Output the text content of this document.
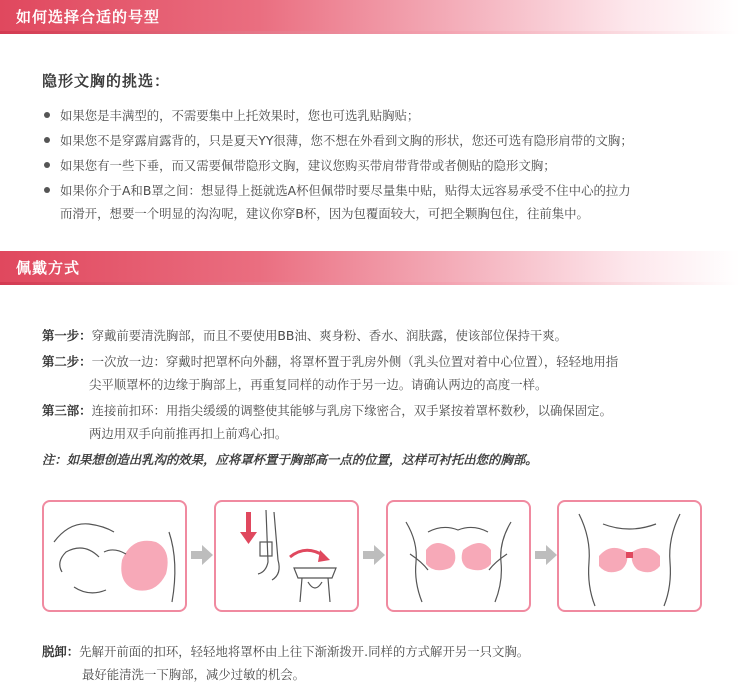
如何选择合适的号型
隐形文胸的挑选：
如果您是丰满型的，不需要集中上托效果时，您也可选乳贴胸贴；
如果您不是穿露肩露背的，只是夏天YY很薄，您不想在外看到文胸的形状，您还可选有隐形肩带的文胸；
如果您有一些下垂，而又需要佩带隐形文胸，建议您购买带肩带背带或者侧贴的隐形文胸；
如果你介于A和B罩之间：想显得上挺就选A杯但佩带时要尽量集中贴，贴得太远容易承受不住中心的拉力
而滑开，想要一个明显的沟沟呢，建议你穿B杯，因为包覆面较大，可把全颗胸包住，往前集中。
佩戴方式
第一步：穿戴前要清洗胸部，而且不要使用BB油、爽身粉、香水、润肤露，使该部位保持干爽。
第二步：一次放一边：穿戴时把罩杯向外翻，将罩杯置于乳房外侧（乳头位置对着中心位置），轻轻地用指
尖平顺罩杯的边缘于胸部上，再重复同样的动作于另一边。请确认两边的高度一样。
第三部：连接前扣环：用指尖缓缓的调整使其能够与乳房下缘密合，双手紧按着罩杯数秒，以确保固定。
两边用双手向前推再扣上前鸡心扣。
注：如果想创造出乳沟的效果，应将罩杯置于胸部高一点的位置，这样可衬托出您的胸部。
脱卸：先解开前面的扣环，轻轻地将罩杯由上往下渐渐拨开.同样的方式解开另一只文胸。
最好能清洗一下胸部，减少过敏的机会。
